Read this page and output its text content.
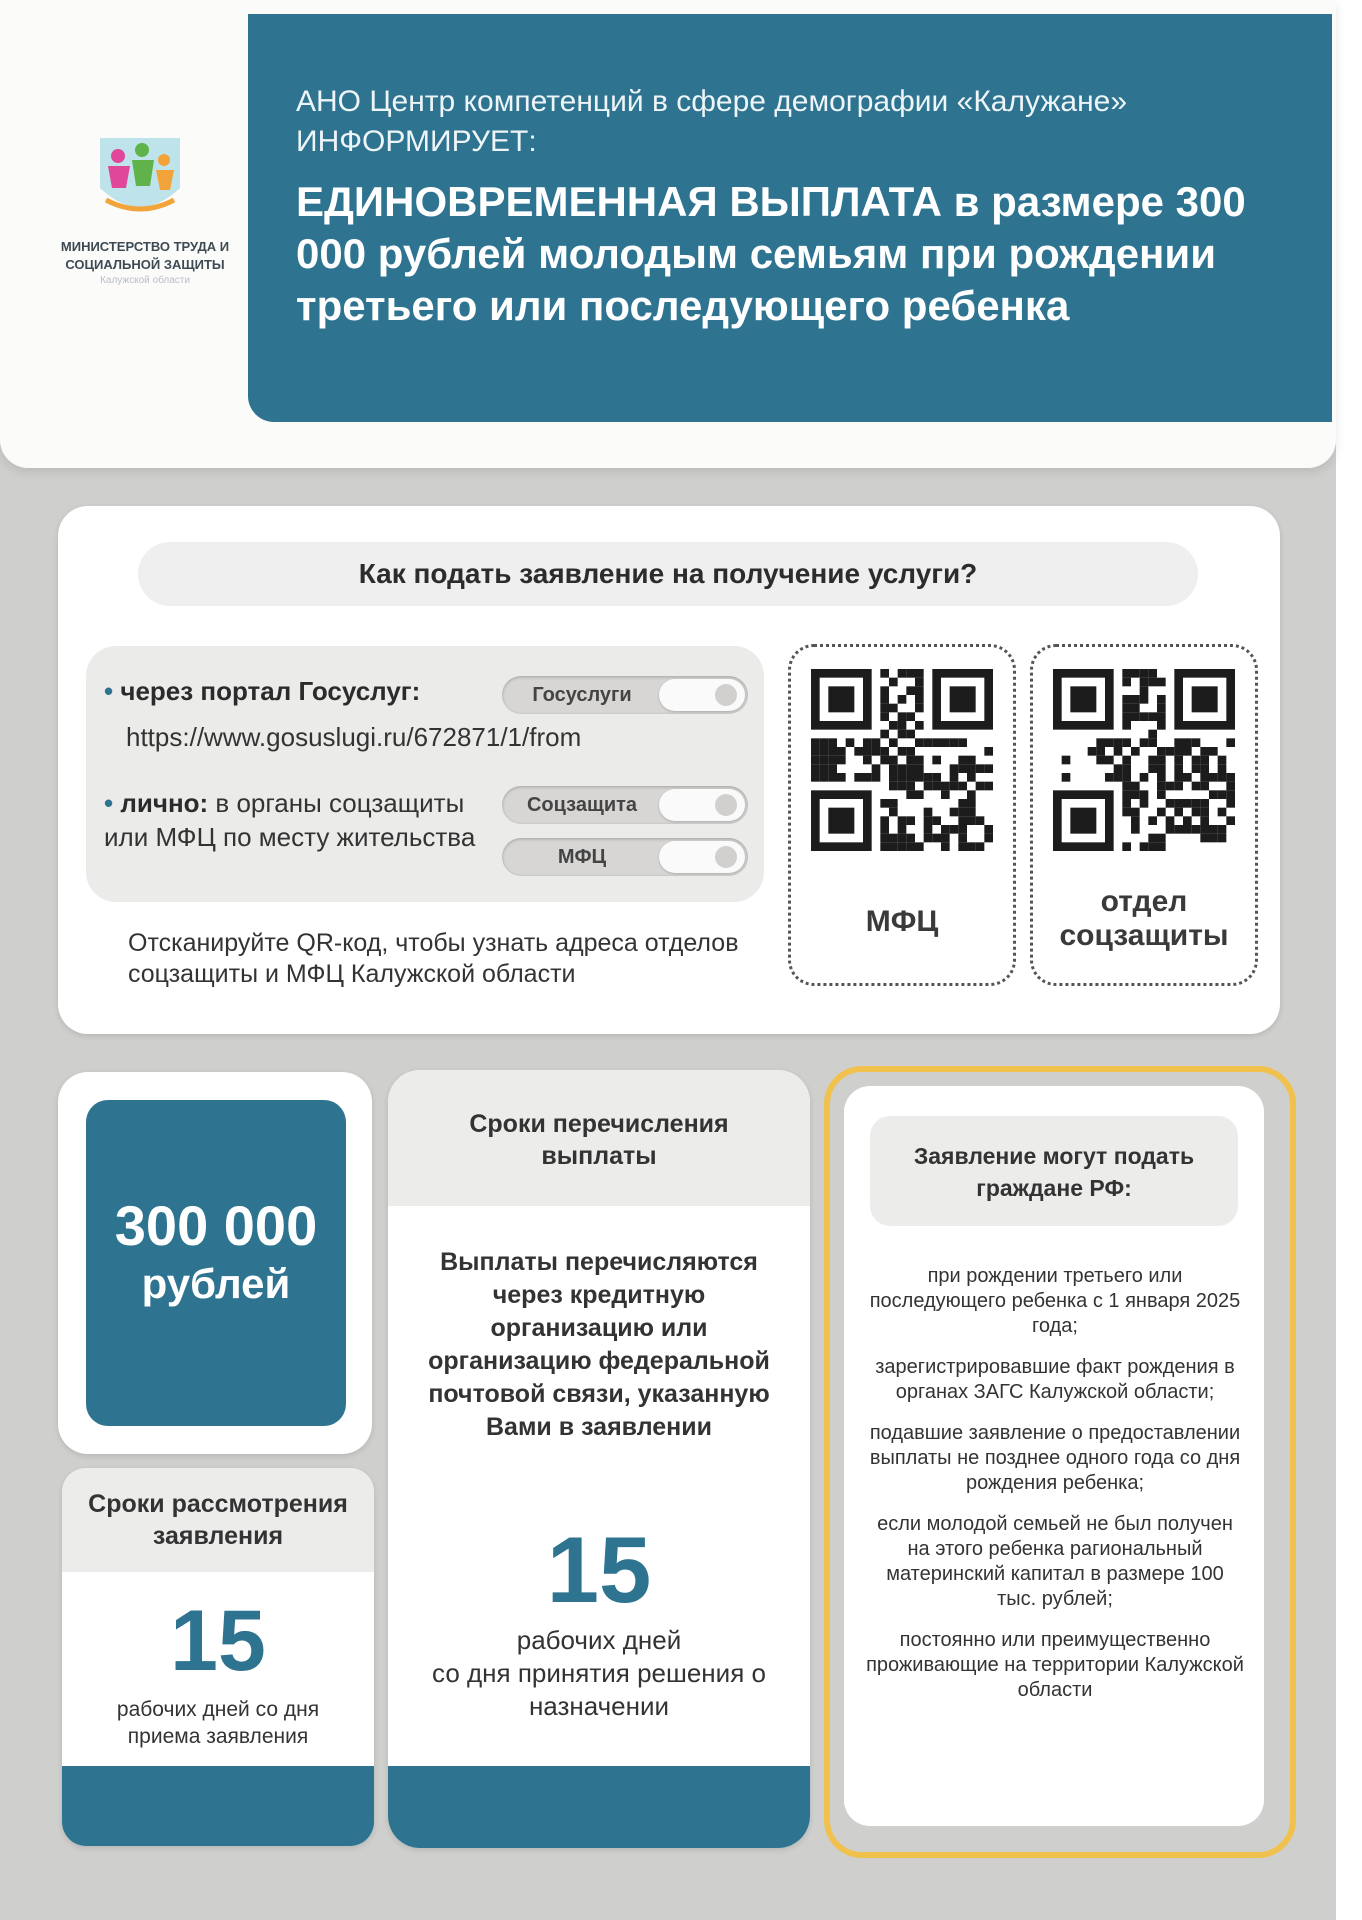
МИНИСТЕРСТВО ТРУДА И СОЦИАЛЬНОЙ ЗАЩИТЫ
Калужской области
АНО Центр компетенций в сфере демографии «Калужане» ИНФОРМИРУЕТ:
ЕДИНОВРЕМЕННАЯ ВЫПЛАТА в размере 300 000 рублей молодым семьям при рождении третьего или последующего ребенка
Как подать заявление на получение услуги?
• через портал Госуслуг:
https://www.gosuslugi.ru/672871/1/from
Госуслуги
• лично: в органы соцзащиты или МФЦ по месту жительства
Соцзащита
МФЦ
Отсканируйте QR-код, чтобы узнать адреса отделов соцзащиты и МФЦ Калужской области
МФЦ
отдел соцзащиты
300 000
рублей
Сроки рассмотрения заявления
15
рабочих дней со дня приема заявления
Сроки перечисления выплаты
Выплаты перечисляются через кредитную организацию или организацию федеральной почтовой связи, указанную Вами в заявлении
15
рабочих дней
со дня принятия решения о назначении
Заявление могут подать граждане РФ:
при рождении третьего или последующего ребенка с 1 января 2025 года;
зарегистрировавшие факт рождения в органах ЗАГС Калужской области;
подавшие заявление о предоставлении выплаты не позднее одного года со дня рождения ребенка;
если молодой семьей не был получен на этого ребенка рагиональный материнский капитал в размере 100 тыс. рублей;
постоянно или преимущественно проживающие на территории Калужской области
